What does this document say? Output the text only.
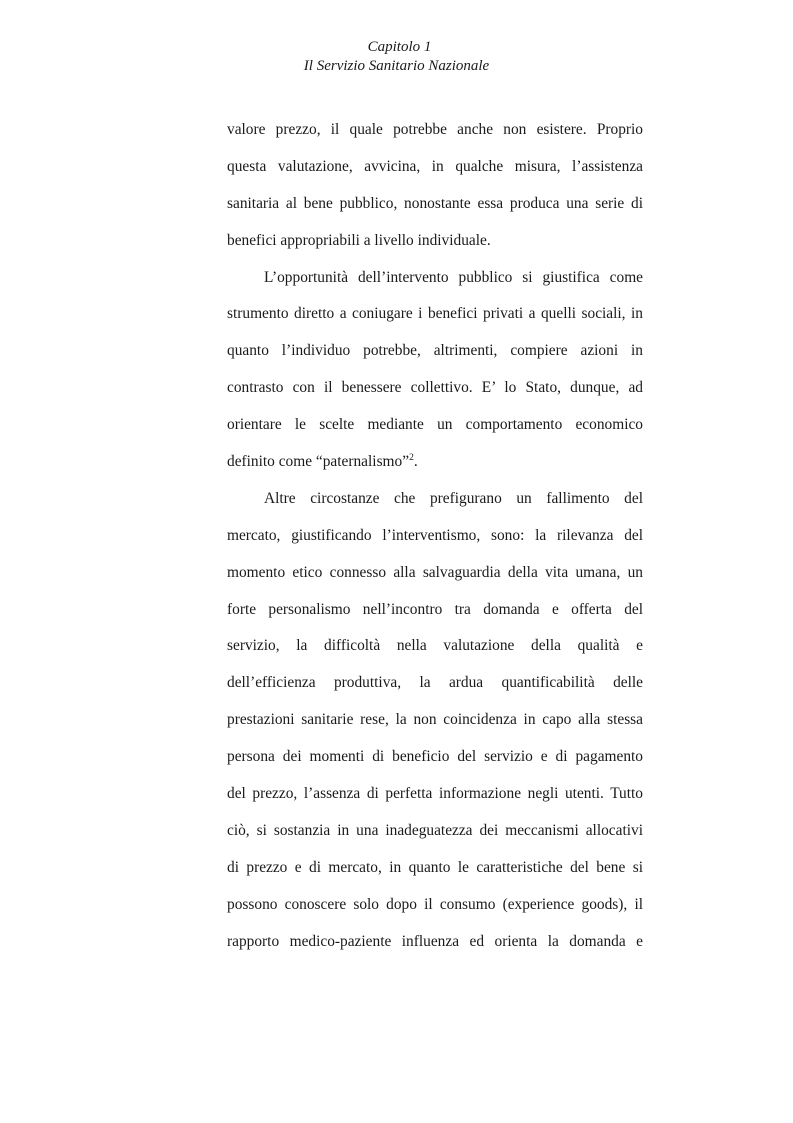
Capitolo 1
Il Servizio Sanitario Nazionale

valore prezzo, il quale potrebbe anche non esistere. Proprio
questa valutazione, avvicina, in qualche misura, l’assistenza
sanitaria al bene pubblico, nonostante essa produca una serie di
benefici appropriabili a livello individuale.

L’opportunità dell’intervento pubblico si giustifica come
strumento diretto a coniugare i benefici privati a quelli sociali, in
quanto l’individuo potrebbe, altrimenti, compiere azioni in
contrasto con il benessere collettivo. E’ lo Stato, dunque, ad
orientare le scelte mediante un comportamento economico
definito come “paternalismo”$^2$.

Altre circostanze che prefigurano un fallimento del
mercato, giustificando l’interventismo, sono: la rilevanza del
momento etico connesso alla salvaguardia della vita umana, un
forte personalismo nell’incontro tra domanda e offerta del
servizio, la difficoltà nella valutazione della qualità e
dell’efficienza produttiva, la ardua quantificabilità delle
prestazioni sanitarie rese, la non coincidenza in capo alla stessa
persona dei momenti di beneficio del servizio e di pagamento
del prezzo, l’assenza di perfetta informazione negli utenti. Tutto
ciò, si sostanzia in una inadeguatezza dei meccanismi allocativi
di prezzo e di mercato, in quanto le caratteristiche del bene si
possono conoscere solo dopo il consumo (experience goods), il
rapporto medico-paziente influenza ed orienta la domanda e
